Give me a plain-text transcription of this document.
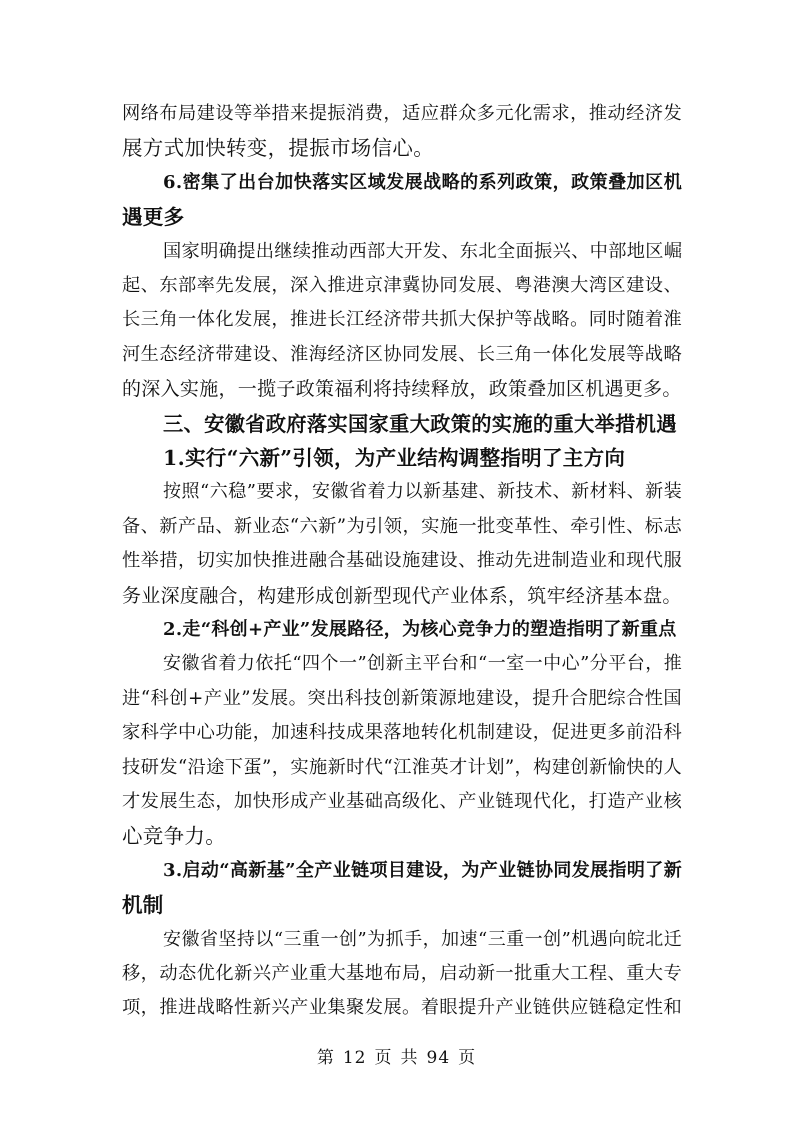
网络布局建设等举措来提振消费，适应群众多元化需求，推动经济发
展方式加快转变，提振市场信心。
6.密集了出台加快落实区域发展战略的系列政策，政策叠加区机
遇更多
国家明确提出继续推动西部大开发、东北全面振兴、中部地区崛
起、东部率先发展，深入推进京津冀协同发展、粤港澳大湾区建设、
长三角一体化发展，推进长江经济带共抓大保护等战略。同时随着淮
河生态经济带建设、淮海经济区协同发展、长三角一体化发展等战略
的深入实施，一揽子政策福利将持续释放，政策叠加区机遇更多。
三、安徽省政府落实国家重大政策的实施的重大举措机遇
1.实行“六新”引领，为产业结构调整指明了主方向
按照“六稳”要求，安徽省着力以新基建、新技术、新材料、新装
备、新产品、新业态“六新”为引领，实施一批变革性、牵引性、标志
性举措，切实加快推进融合基础设施建设、推动先进制造业和现代服
务业深度融合，构建形成创新型现代产业体系，筑牢经济基本盘。
2.走“科创+产业”发展路径，为核心竞争力的塑造指明了新重点
安徽省着力依托“四个一”创新主平台和“一室一中心”分平台，推
进“科创+产业”发展。突出科技创新策源地建设，提升合肥综合性国
家科学中心功能，加速科技成果落地转化机制建设，促进更多前沿科
技研发“沿途下蛋”，实施新时代“江淮英才计划”，构建创新愉快的人
才发展生态，加快形成产业基础高级化、产业链现代化，打造产业核
心竞争力。
3.启动“高新基”全产业链项目建设，为产业链协同发展指明了新
机制
安徽省坚持以“三重一创”为抓手，加速“三重一创”机遇向皖北迁
移，动态优化新兴产业重大基地布局，启动新一批重大工程、重大专
项，推进战略性新兴产业集聚发展。着眼提升产业链供应链稳定性和
第 12 页 共 94 页
